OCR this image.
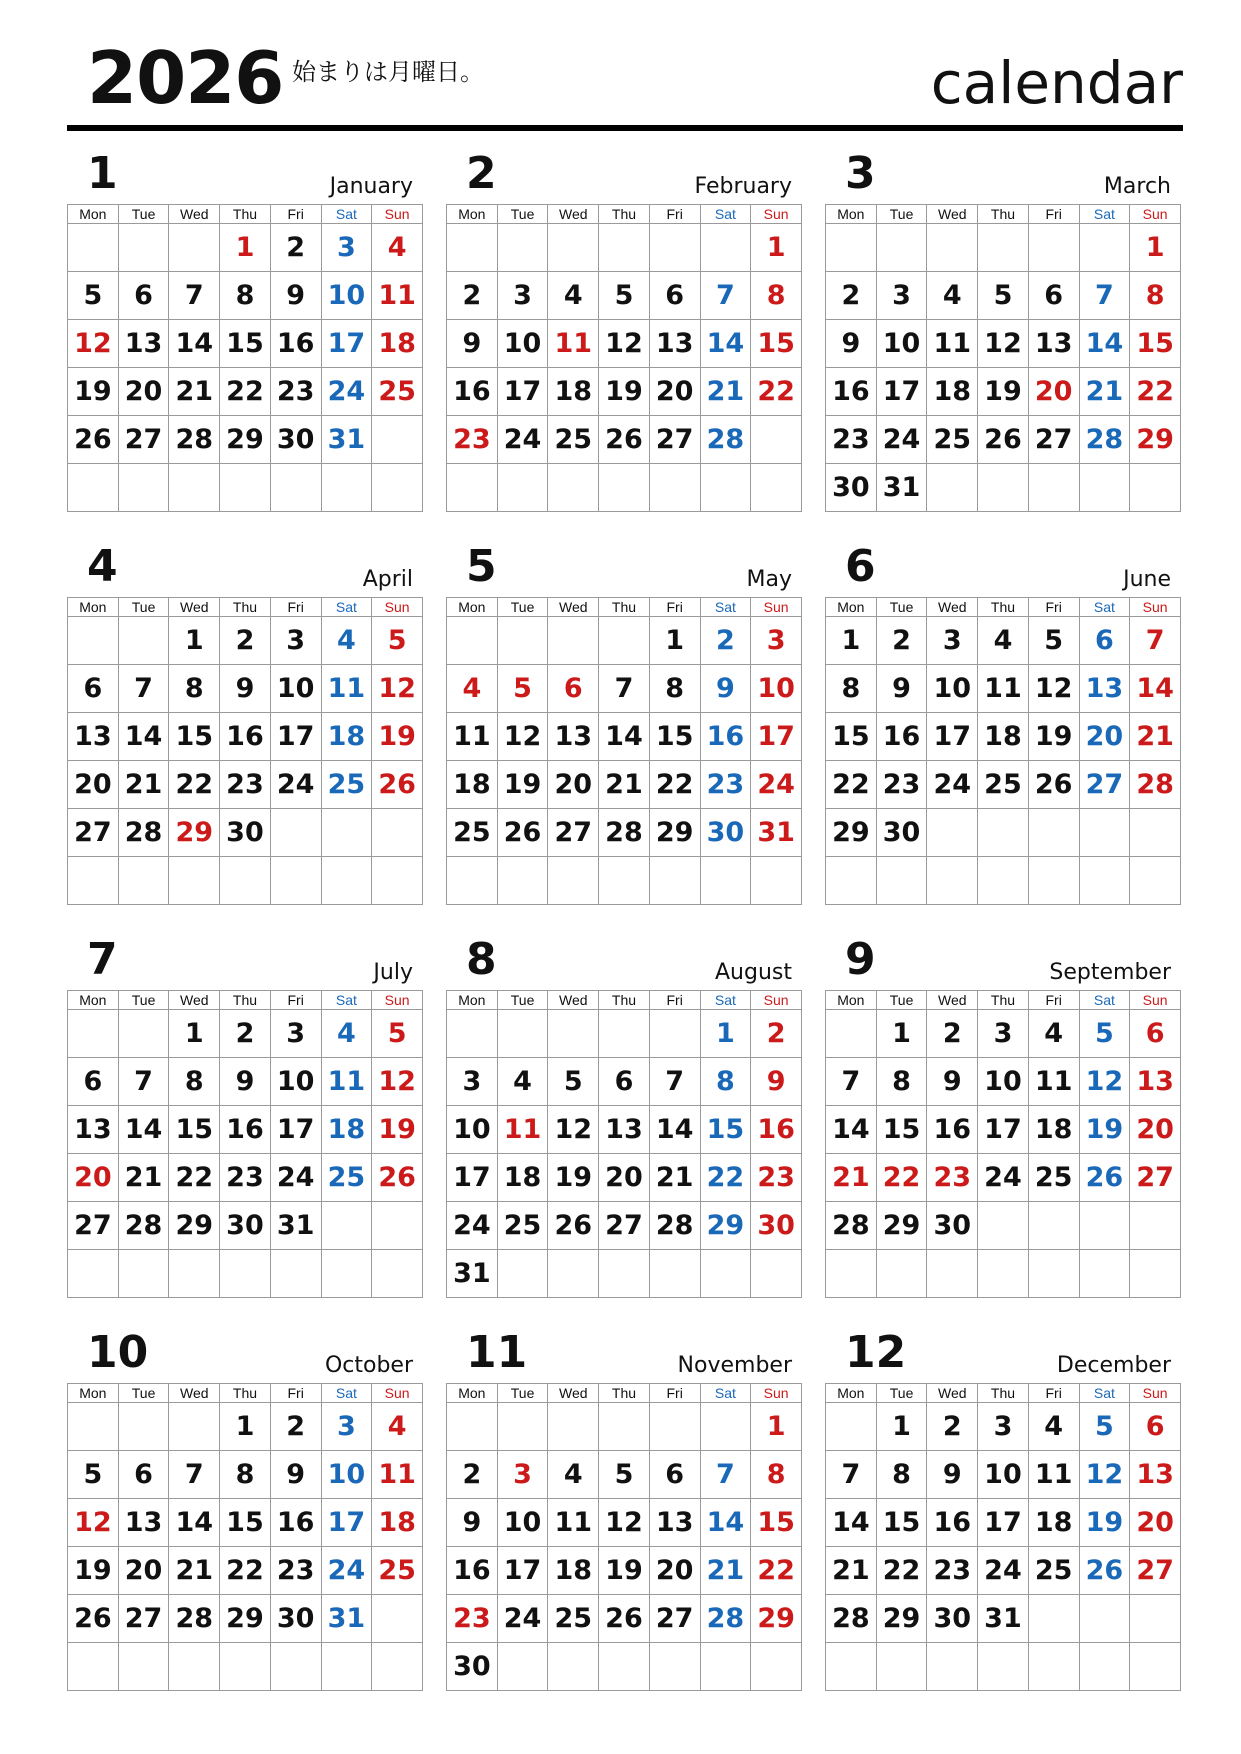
2026 始まりは月曜日。	calendar
1	January
Mon	Tue	Wed	Thu	Fri	Sat	Sun
			1	2	3	4
5	6	7	8	9	10	11
12	13	14	15	16	17	18
19	20	21	22	23	24	25
26	27	28	29	30	31	

2	February
Mon	Tue	Wed	Thu	Fri	Sat	Sun
						1
2	3	4	5	6	7	8
9	10	11	12	13	14	15
16	17	18	19	20	21	22
23	24	25	26	27	28	

3	March
Mon	Tue	Wed	Thu	Fri	Sat	Sun
						1
2	3	4	5	6	7	8
9	10	11	12	13	14	15
16	17	18	19	20	21	22
23	24	25	26	27	28	29
30	31					
4	April
Mon	Tue	Wed	Thu	Fri	Sat	Sun
		1	2	3	4	5
6	7	8	9	10	11	12
13	14	15	16	17	18	19
20	21	22	23	24	25	26
27	28	29	30			

5	May
Mon	Tue	Wed	Thu	Fri	Sat	Sun
				1	2	3
4	5	6	7	8	9	10
11	12	13	14	15	16	17
18	19	20	21	22	23	24
25	26	27	28	29	30	31

6	June
Mon	Tue	Wed	Thu	Fri	Sat	Sun
1	2	3	4	5	6	7
8	9	10	11	12	13	14
15	16	17	18	19	20	21
22	23	24	25	26	27	28
29	30					

7	July
Mon	Tue	Wed	Thu	Fri	Sat	Sun
		1	2	3	4	5
6	7	8	9	10	11	12
13	14	15	16	17	18	19
20	21	22	23	24	25	26
27	28	29	30	31		

8	August
Mon	Tue	Wed	Thu	Fri	Sat	Sun
					1	2
3	4	5	6	7	8	9
10	11	12	13	14	15	16
17	18	19	20	21	22	23
24	25	26	27	28	29	30
31						
9	September
Mon	Tue	Wed	Thu	Fri	Sat	Sun
	1	2	3	4	5	6
7	8	9	10	11	12	13
14	15	16	17	18	19	20
21	22	23	24	25	26	27
28	29	30				

10	October
Mon	Tue	Wed	Thu	Fri	Sat	Sun
			1	2	3	4
5	6	7	8	9	10	11
12	13	14	15	16	17	18
19	20	21	22	23	24	25
26	27	28	29	30	31	

11	November
Mon	Tue	Wed	Thu	Fri	Sat	Sun
						1
2	3	4	5	6	7	8
9	10	11	12	13	14	15
16	17	18	19	20	21	22
23	24	25	26	27	28	29
30						
12	December
Mon	Tue	Wed	Thu	Fri	Sat	Sun
	1	2	3	4	5	6
7	8	9	10	11	12	13
14	15	16	17	18	19	20
21	22	23	24	25	26	27
28	29	30	31			
